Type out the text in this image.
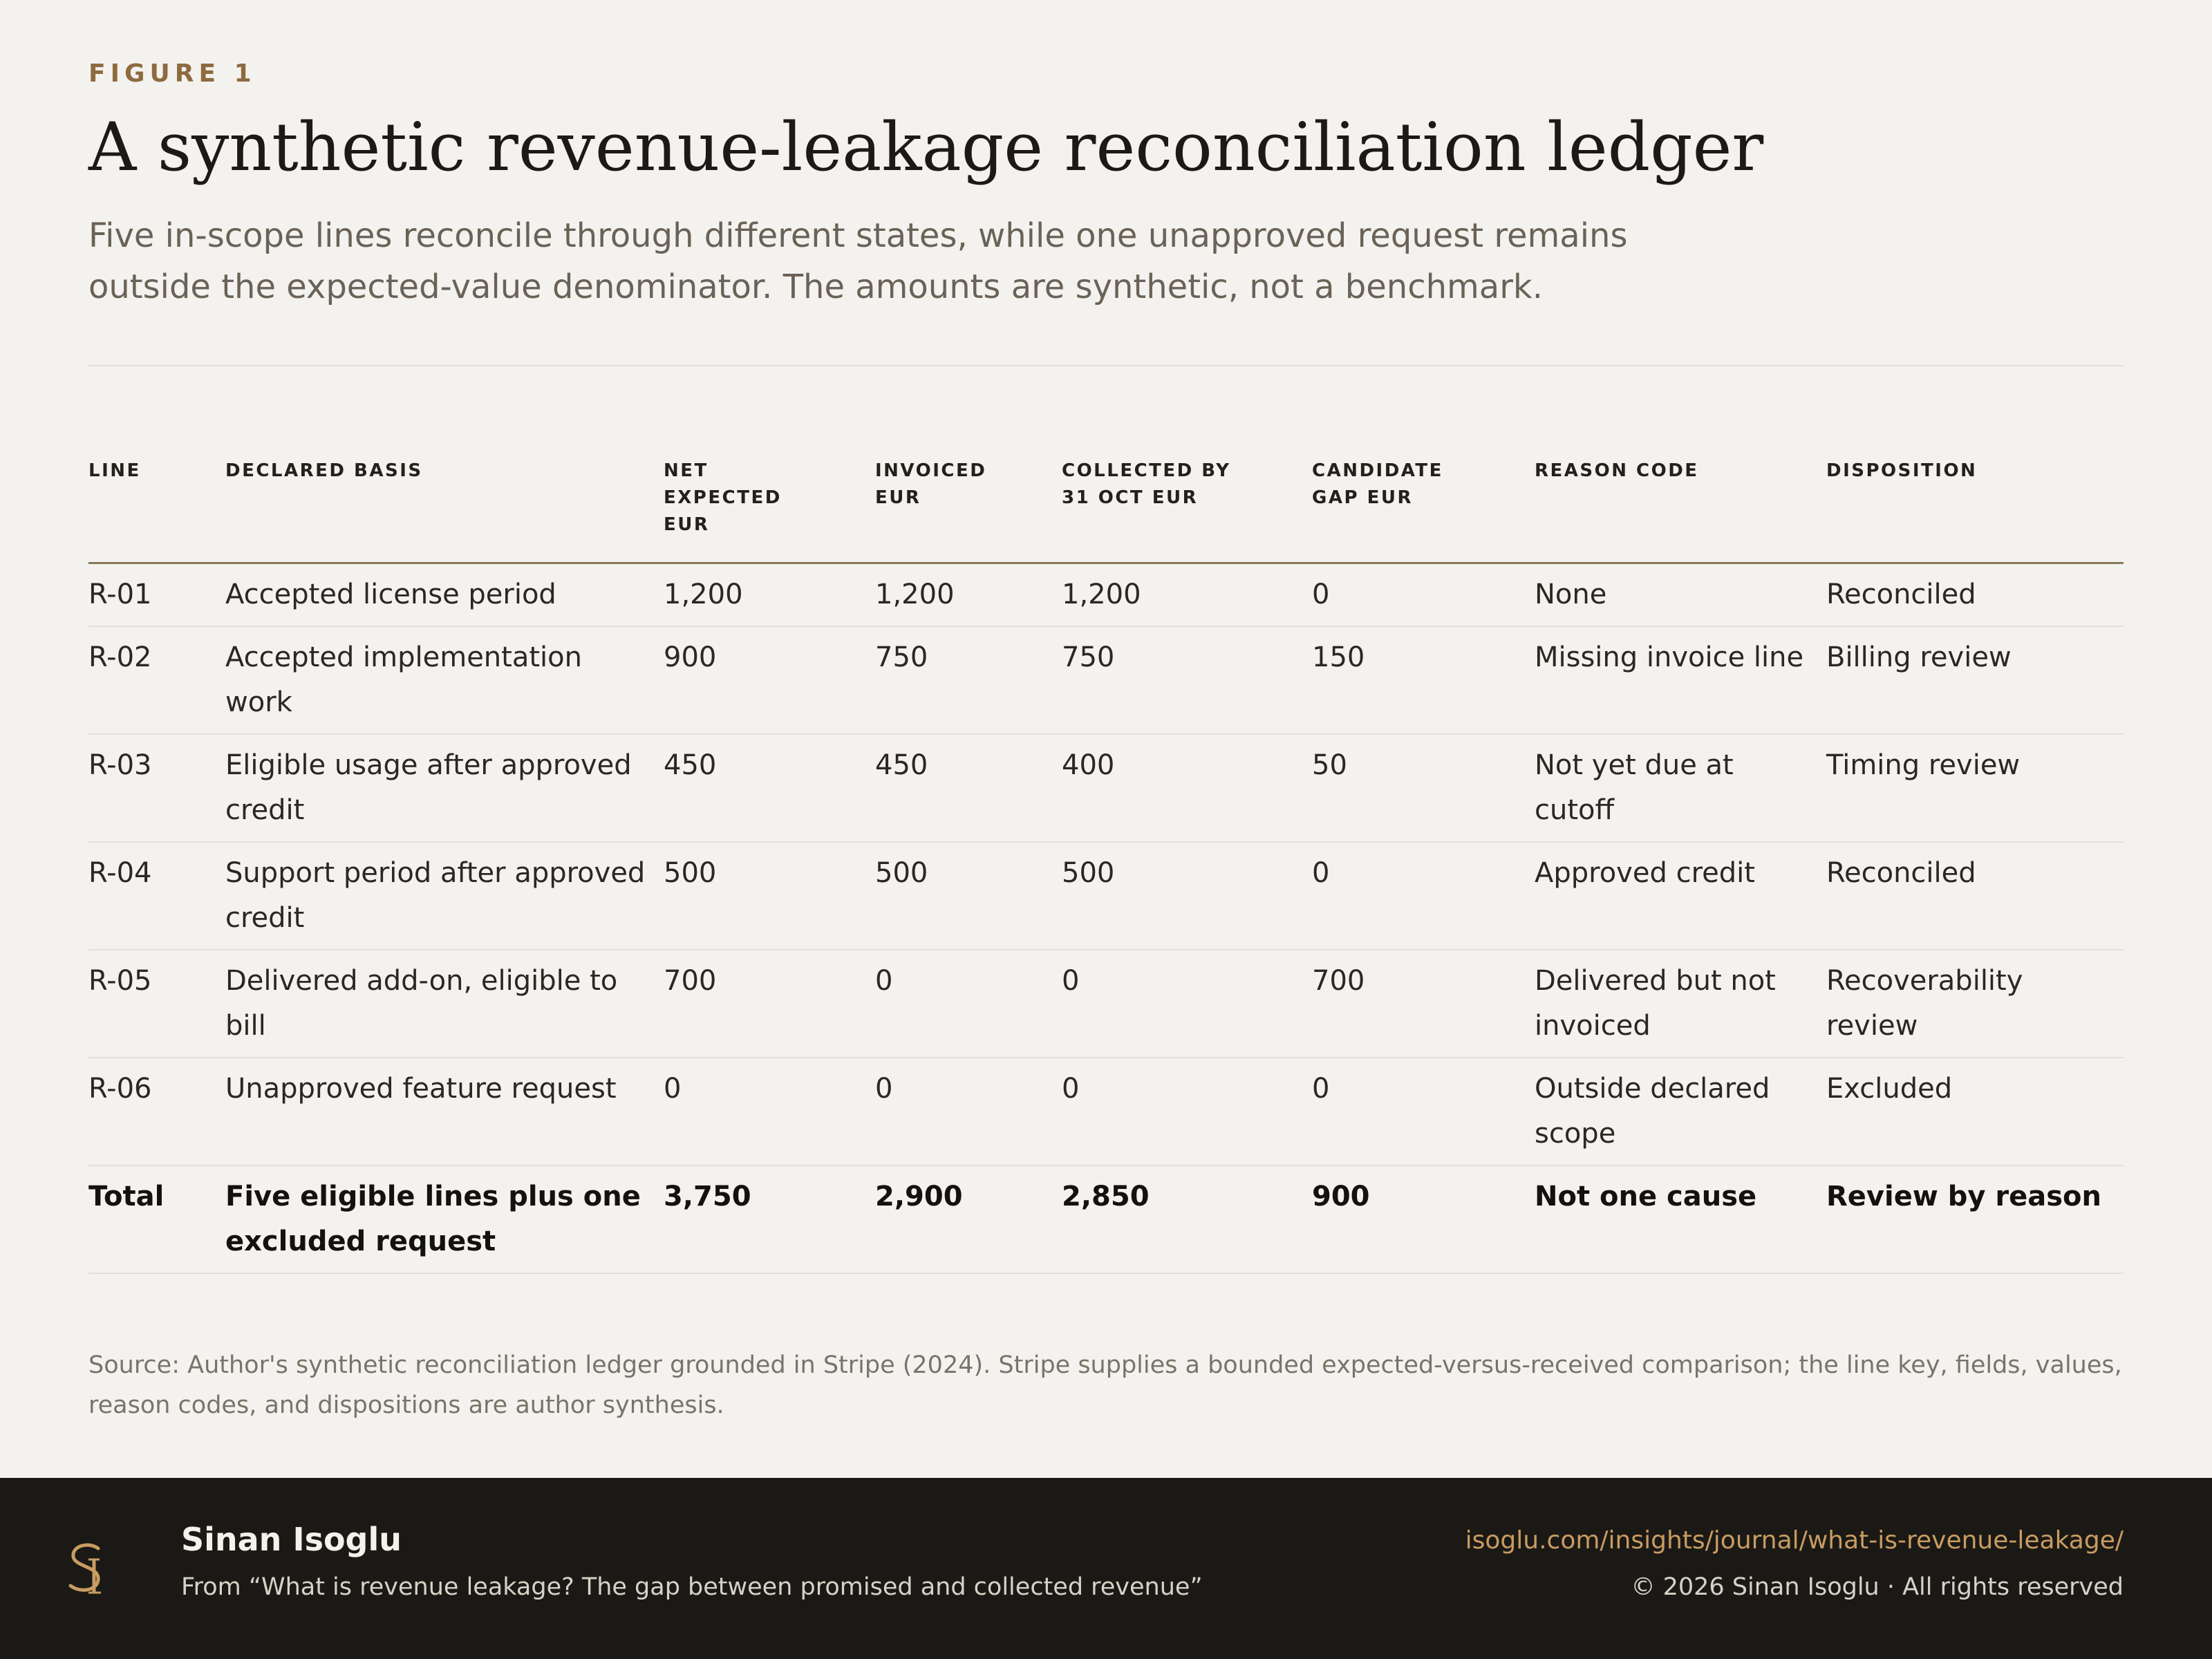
FIGURE 1

A synthetic revenue-leakage reconciliation ledger

Five in-scope lines reconcile through different states, while one unapproved request remains outside the expected-value denominator. The amounts are synthetic, not a benchmark.

LINE	DECLARED BASIS	NET EXPECTED EUR	INVOICED EUR	COLLECTED BY 31 OCT EUR	CANDIDATE GAP EUR	REASON CODE	DISPOSITION
R-01	Accepted license period	1,200	1,200	1,200	0	None	Reconciled
R-02	Accepted implementation work	900	750	750	150	Missing invoice line	Billing review
R-03	Eligible usage after approved credit	450	450	400	50	Not yet due at cutoff	Timing review
R-04	Support period after approved credit	500	500	500	0	Approved credit	Reconciled
R-05	Delivered add-on, eligible to bill	700	0	0	700	Delivered but not invoiced	Recoverability review
R-06	Unapproved feature request	0	0	0	0	Outside declared scope	Excluded
Total	Five eligible lines plus one excluded request	3,750	2,900	2,850	900	Not one cause	Review by reason

Source: Author's synthetic reconciliation ledger grounded in Stripe (2024). Stripe supplies a bounded expected-versus-received comparison; the line key, fields, values, reason codes, and dispositions are author synthesis.

Sinan Isoglu

From “What is revenue leakage? The gap between promised and collected revenue”

isoglu.com/insights/journal/what-is-revenue-leakage/

© 2026 Sinan Isoglu · All rights reserved
